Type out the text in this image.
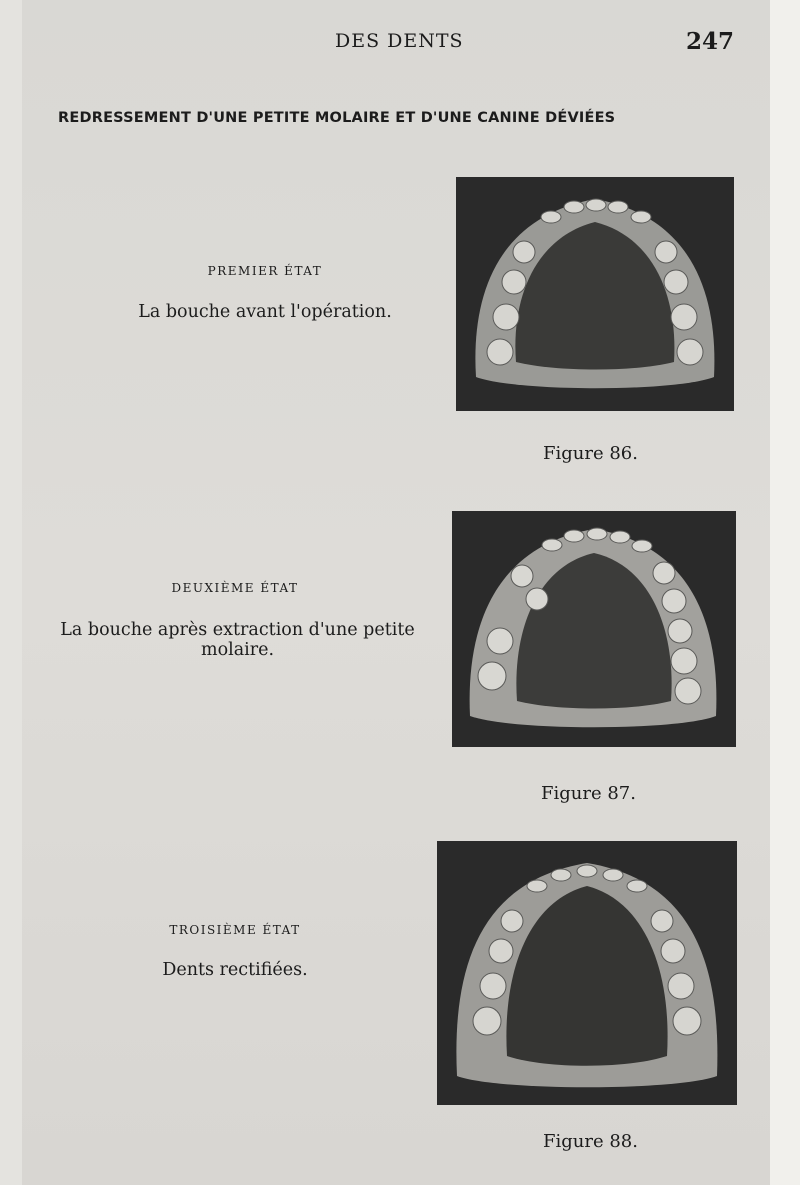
DES DENTS	247
REDRESSEMENT D'UNE PETITE MOLAIRE ET D'UNE CANINE DÉVIÉES
PREMIER ÉTAT
La bouche avant l'opération.
Figure 86.
DEUXIÈME ÉTAT
La bouche après extraction d'une petite
molaire.
Figure 87.
TROISIÈME ÉTAT
Dents rectifiées.
Figure 88.
